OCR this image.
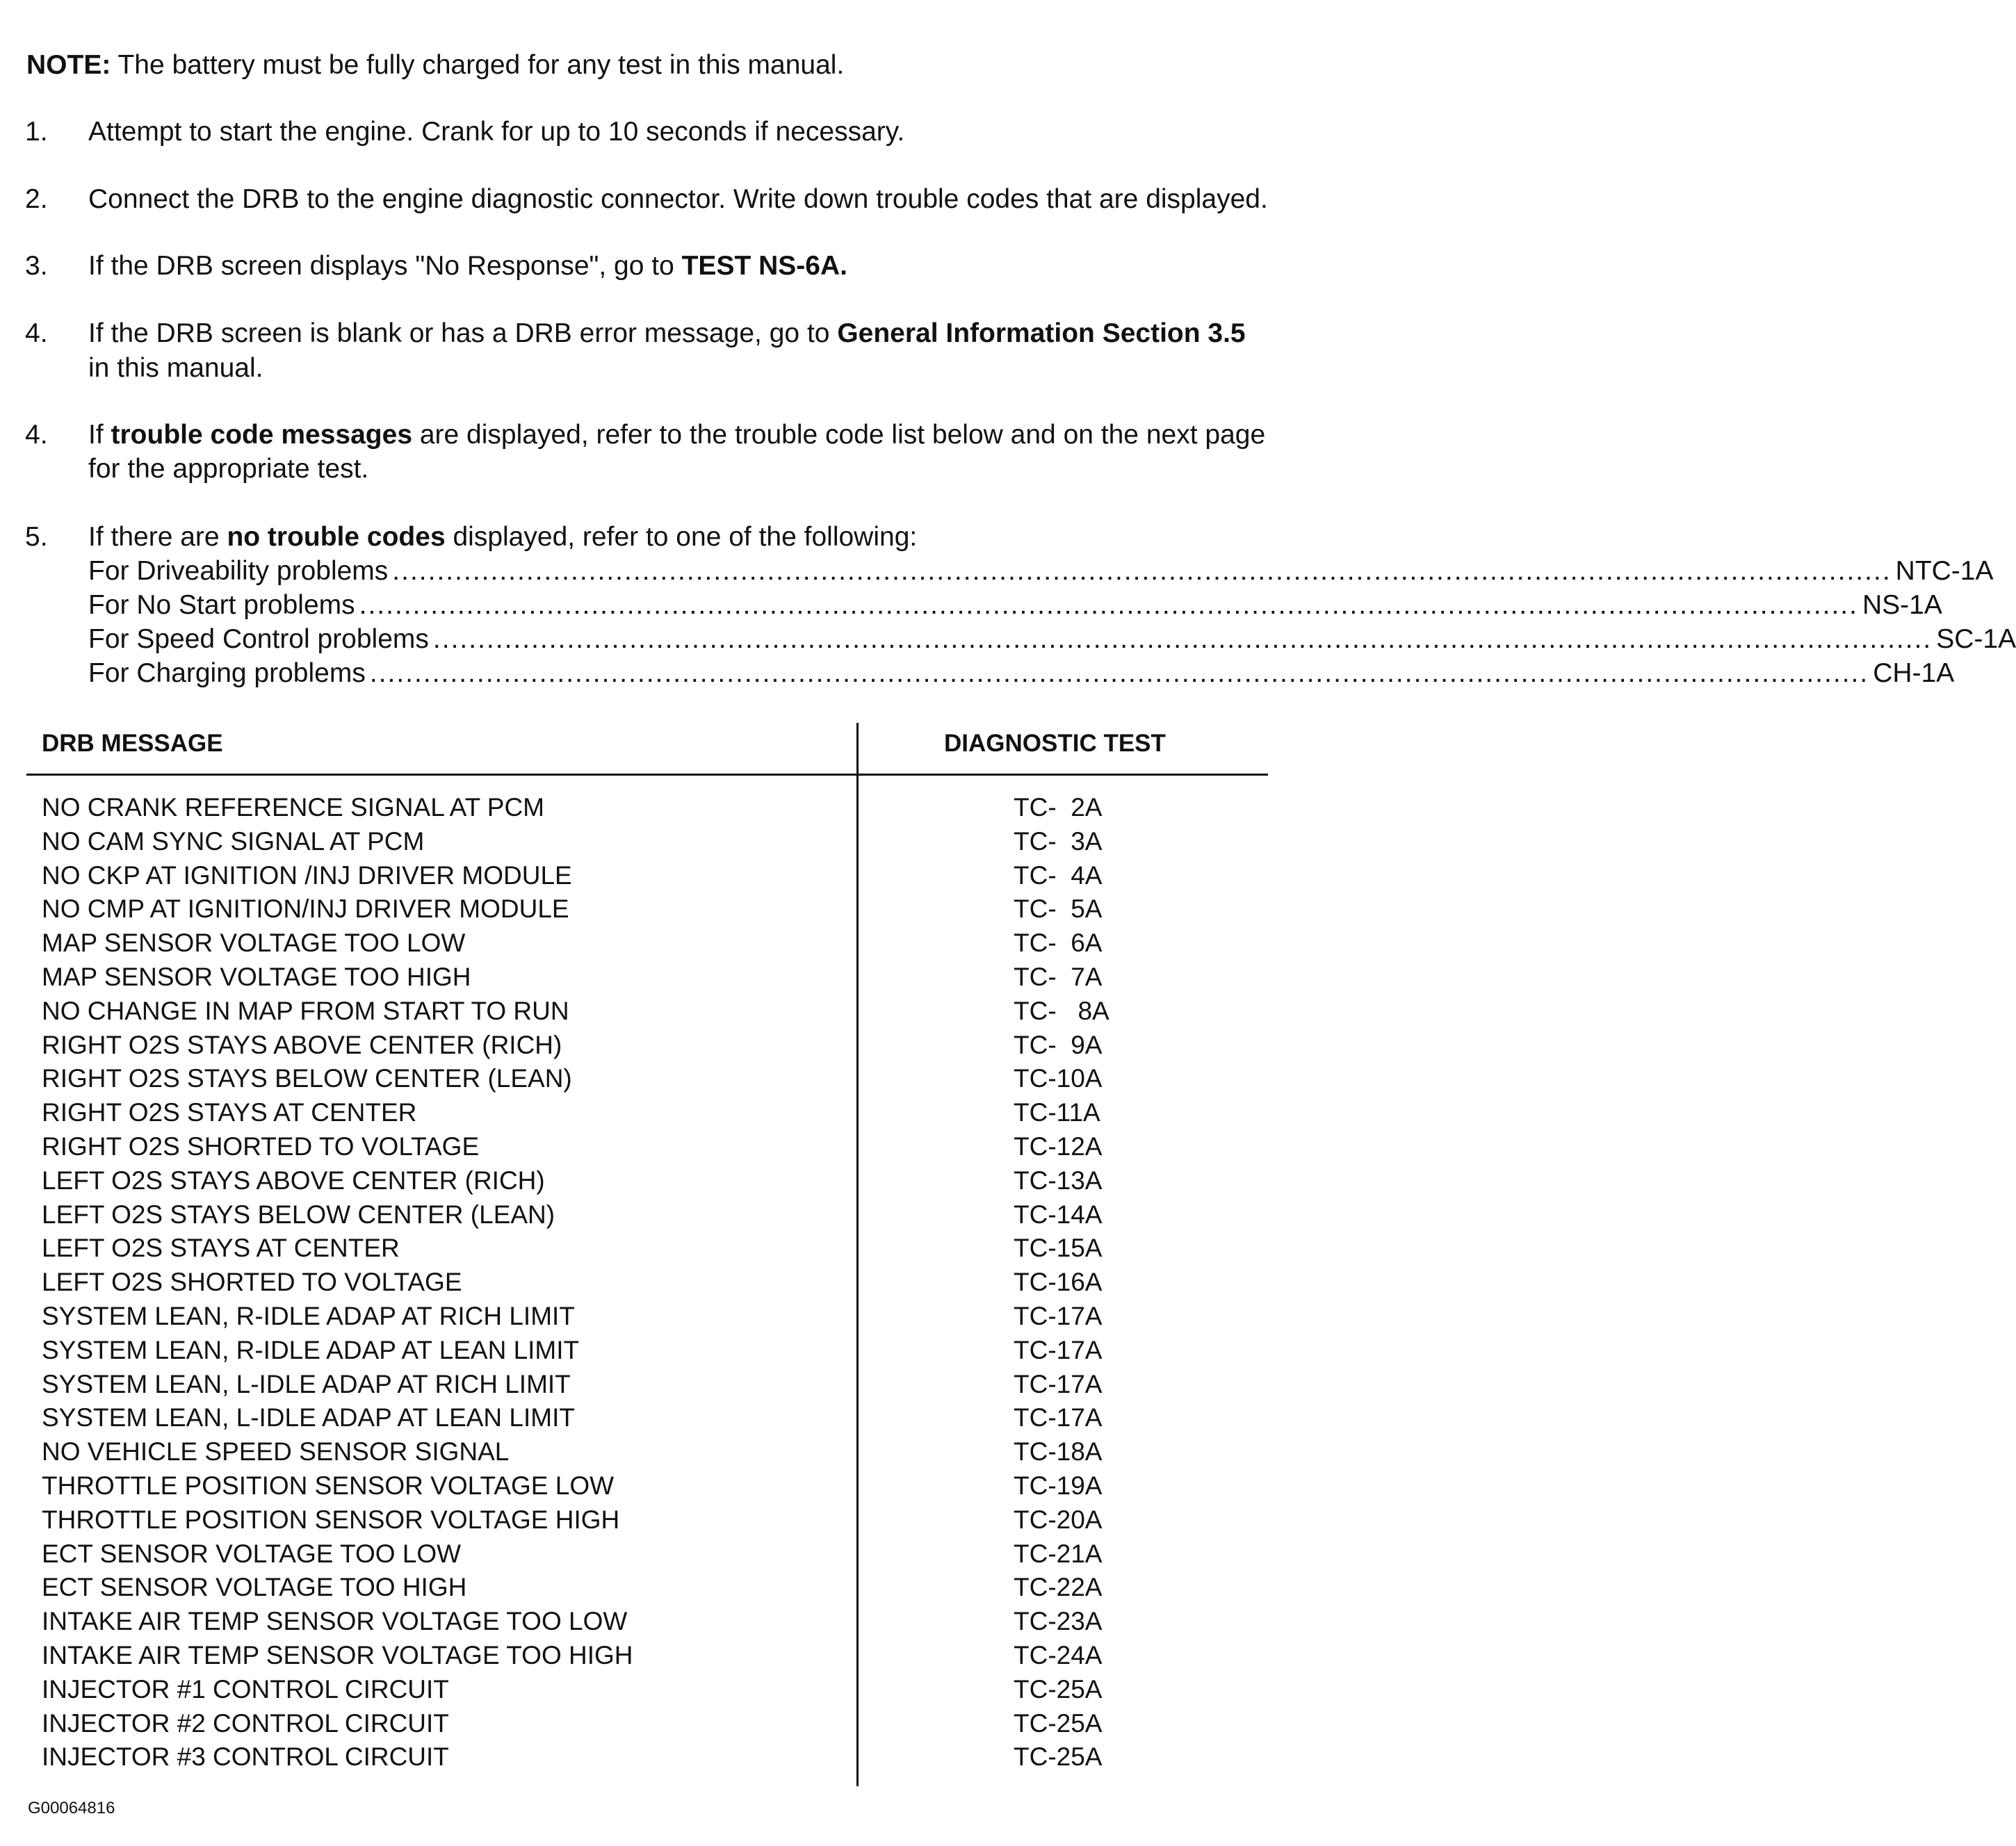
NOTE: The battery must be fully charged for any test in this manual.
1. Attempt to start the engine. Crank for up to 10 seconds if necessary.
2. Connect the DRB to the engine diagnostic connector. Write down trouble codes that are displayed.
3. If the DRB screen displays "No Response", go to TEST NS-6A.
4. If the DRB screen is blank or has a DRB error message, go to General Information Section 3.5
in this manual.
4. If trouble code messages are displayed, refer to the trouble code list below and on the next page
for the appropriate test.
5. If there are no trouble codes displayed, refer to one of the following:
For Driveability problems ........................................................................................................................................................................ NTC-1A
For No Start problems ........................................................................................................................................................................ NS-1A
For Speed Control problems ........................................................................................................................................................................ SC-1A
For Charging problems ........................................................................................................................................................................ CH-1A
DRB MESSAGE	DIAGNOSTIC TEST
NO CRANK REFERENCE SIGNAL AT PCM	TC-  2A
NO CAM SYNC SIGNAL AT PCM	TC-  3A
NO CKP AT IGNITION /INJ DRIVER MODULE	TC-  4A
NO CMP AT IGNITION/INJ DRIVER MODULE	TC-  5A
MAP SENSOR VOLTAGE TOO LOW	TC-  6A
MAP SENSOR VOLTAGE TOO HIGH	TC-  7A
NO CHANGE IN MAP FROM START TO RUN	TC-   8A
RIGHT O2S STAYS ABOVE CENTER (RICH)	TC-  9A
RIGHT O2S STAYS BELOW CENTER (LEAN)	TC-10A
RIGHT O2S STAYS AT CENTER	TC-11A
RIGHT O2S SHORTED TO VOLTAGE	TC-12A
LEFT O2S STAYS ABOVE CENTER (RICH)	TC-13A
LEFT O2S STAYS BELOW CENTER (LEAN)	TC-14A
LEFT O2S STAYS AT CENTER	TC-15A
LEFT O2S SHORTED TO VOLTAGE	TC-16A
SYSTEM LEAN, R-IDLE ADAP AT RICH LIMIT	TC-17A
SYSTEM LEAN, R-IDLE ADAP AT LEAN LIMIT	TC-17A
SYSTEM LEAN, L-IDLE ADAP AT RICH LIMIT	TC-17A
SYSTEM LEAN, L-IDLE ADAP AT LEAN LIMIT	TC-17A
NO VEHICLE SPEED SENSOR SIGNAL	TC-18A
THROTTLE POSITION SENSOR VOLTAGE LOW	TC-19A
THROTTLE POSITION SENSOR VOLTAGE HIGH	TC-20A
ECT SENSOR VOLTAGE TOO LOW	TC-21A
ECT SENSOR VOLTAGE TOO HIGH	TC-22A
INTAKE AIR TEMP SENSOR VOLTAGE TOO LOW	TC-23A
INTAKE AIR TEMP SENSOR VOLTAGE TOO HIGH	TC-24A
INJECTOR #1 CONTROL CIRCUIT	TC-25A
INJECTOR #2 CONTROL CIRCUIT	TC-25A
INJECTOR #3 CONTROL CIRCUIT	TC-25A
G00064816
